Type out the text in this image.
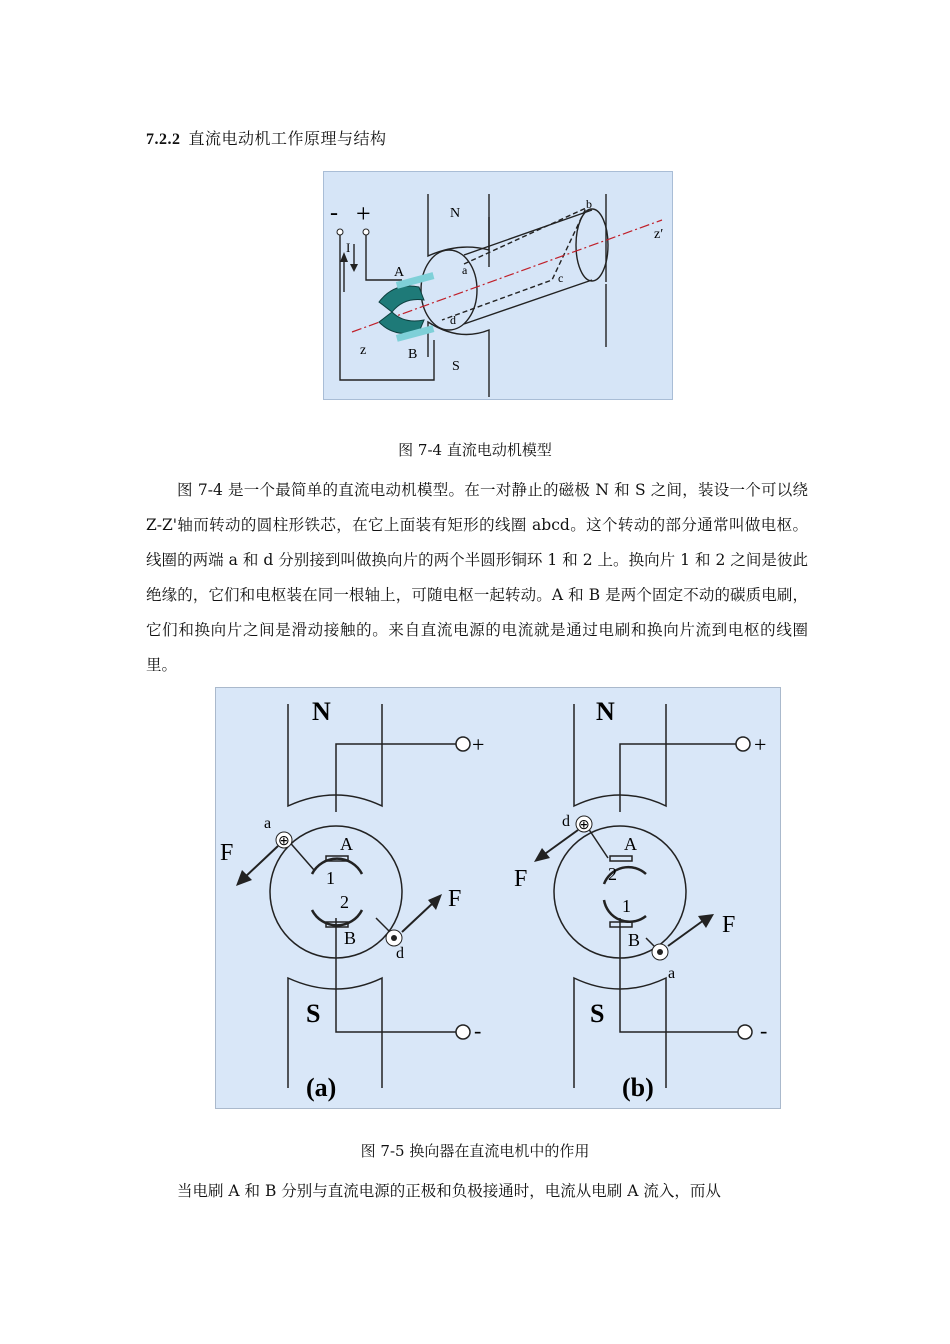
7.2.2 直流电动机工作原理与结构
- +
I
A
B
N
S
z
z′
a
b
c
d
图 7-4 直流电动机模型

图 7-4 是一个最简单的直流电动机模型。在一对静止的磁极 N 和 S 之间，装设一个可以绕 Z-Z'轴而转动的圆柱形铁芯，在它上面装有矩形的线圈 abcd。这个转动的部分通常叫做电枢。线圈的两端 a 和 d 分别接到叫做换向片的两个半圆形铜环 1 和 2 上。换向片 1 和 2 之间是彼此绝缘的，它们和电枢装在同一根轴上，可随电枢一起转动。A 和 B 是两个固定不动的碳质电刷，它们和换向片之间是滑动接触的。来自直流电源的电流就是通过电刷和换向片流到电枢的线圈里。

⊕
N
S
+
-
F
F
A
B
1
2
a
d
(a)
⊕
N
S
+
-
F
F
A
B
2
1
d
a
(b)
图 7-5 换向器在直流电机中的作用

当电刷 A 和 B 分别与直流电源的正极和负极接通时，电流从电刷 A 流入，而从
